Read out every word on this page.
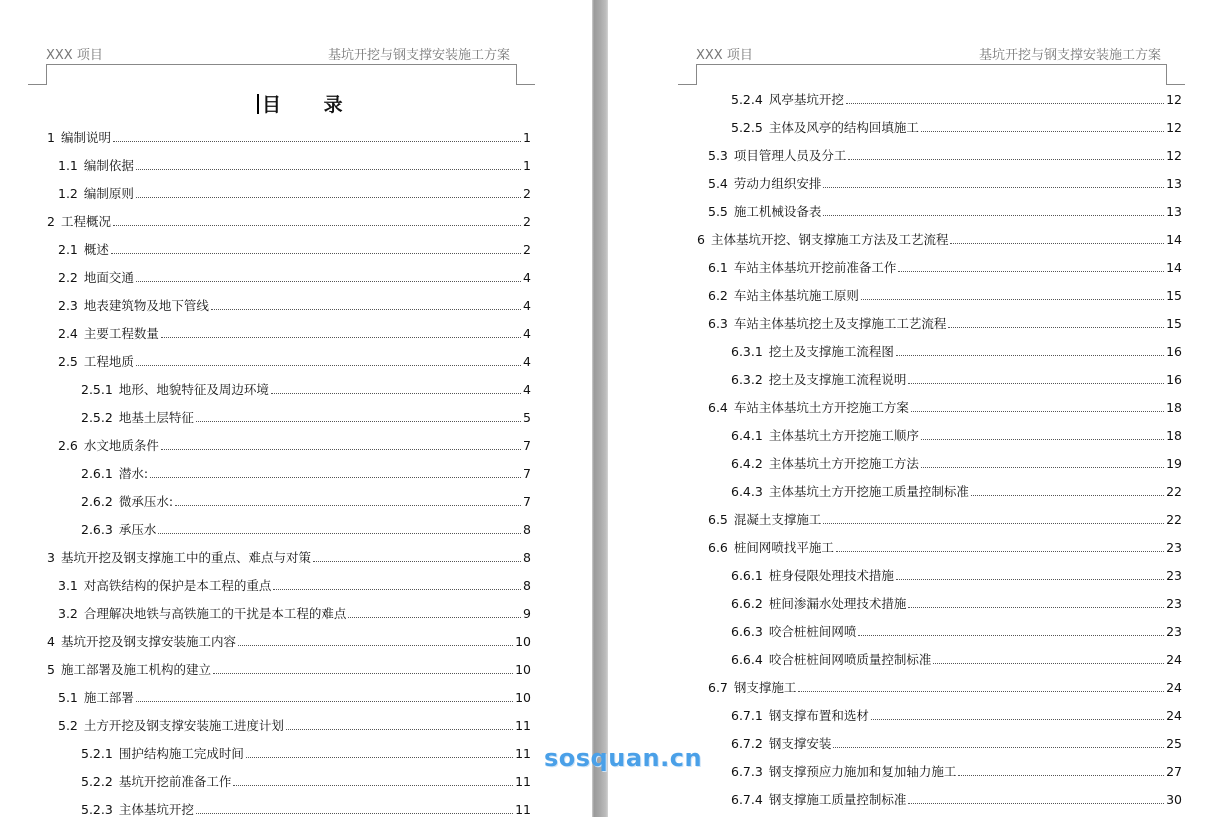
XXX 项目	基坑开挖与钢支撑安装施工方案
目 录
1 编制说明	1
1.1 编制依据	1
1.2 编制原则	2
2 工程概况	2
2.1 概述	2
2.2 地面交通	4
2.3 地表建筑物及地下管线	4
2.4 主要工程数量	4
2.5 工程地质	4
2.5.1 地形、地貌特征及周边环境	4
2.5.2 地基土层特征	5
2.6 水文地质条件	7
2.6.1 潜水:	7
2.6.2 微承压水:	7
2.6.3 承压水	8
3 基坑开挖及钢支撑施工中的重点、难点与对策	8
3.1 对高铁结构的保护是本工程的重点	8
3.2 合理解决地铁与高铁施工的干扰是本工程的难点	9
4 基坑开挖及钢支撑安装施工内容	10
5 施工部署及施工机构的建立	10
5.1 施工部署	10
5.2 土方开挖及钢支撑安装施工进度计划	11
5.2.1 围护结构施工完成时间	11
5.2.2 基坑开挖前准备工作	11
5.2.3 主体基坑开挖	11
XXX 项目	基坑开挖与钢支撑安装施工方案
5.2.4 风亭基坑开挖	12
5.2.5 主体及风亭的结构回填施工	12
5.3 项目管理人员及分工	12
5.4 劳动力组织安排	13
5.5 施工机械设备表	13
6 主体基坑开挖、钢支撑施工方法及工艺流程	14
6.1 车站主体基坑开挖前准备工作	14
6.2 车站主体基坑施工原则	15
6.3 车站主体基坑挖土及支撑施工工艺流程	15
6.3.1 挖土及支撑施工流程图	16
6.3.2 挖土及支撑施工流程说明	16
6.4 车站主体基坑土方开挖施工方案	18
6.4.1 主体基坑土方开挖施工顺序	18
6.4.2 主体基坑土方开挖施工方法	19
6.4.3 主体基坑土方开挖施工质量控制标准	22
6.5 混凝土支撑施工	22
6.6 桩间网喷找平施工	23
6.6.1 桩身侵限处理技术措施	23
6.6.2 桩间渗漏水处理技术措施	23
6.6.3 咬合桩桩间网喷	23
6.6.4 咬合桩桩间网喷质量控制标准	24
6.7 钢支撑施工	24
6.7.1 钢支撑布置和选材	24
6.7.2 钢支撑安装	25
6.7.3 钢支撑预应力施加和复加轴力施工	27
6.7.4 钢支撑施工质量控制标准	30
sosquan.cn
